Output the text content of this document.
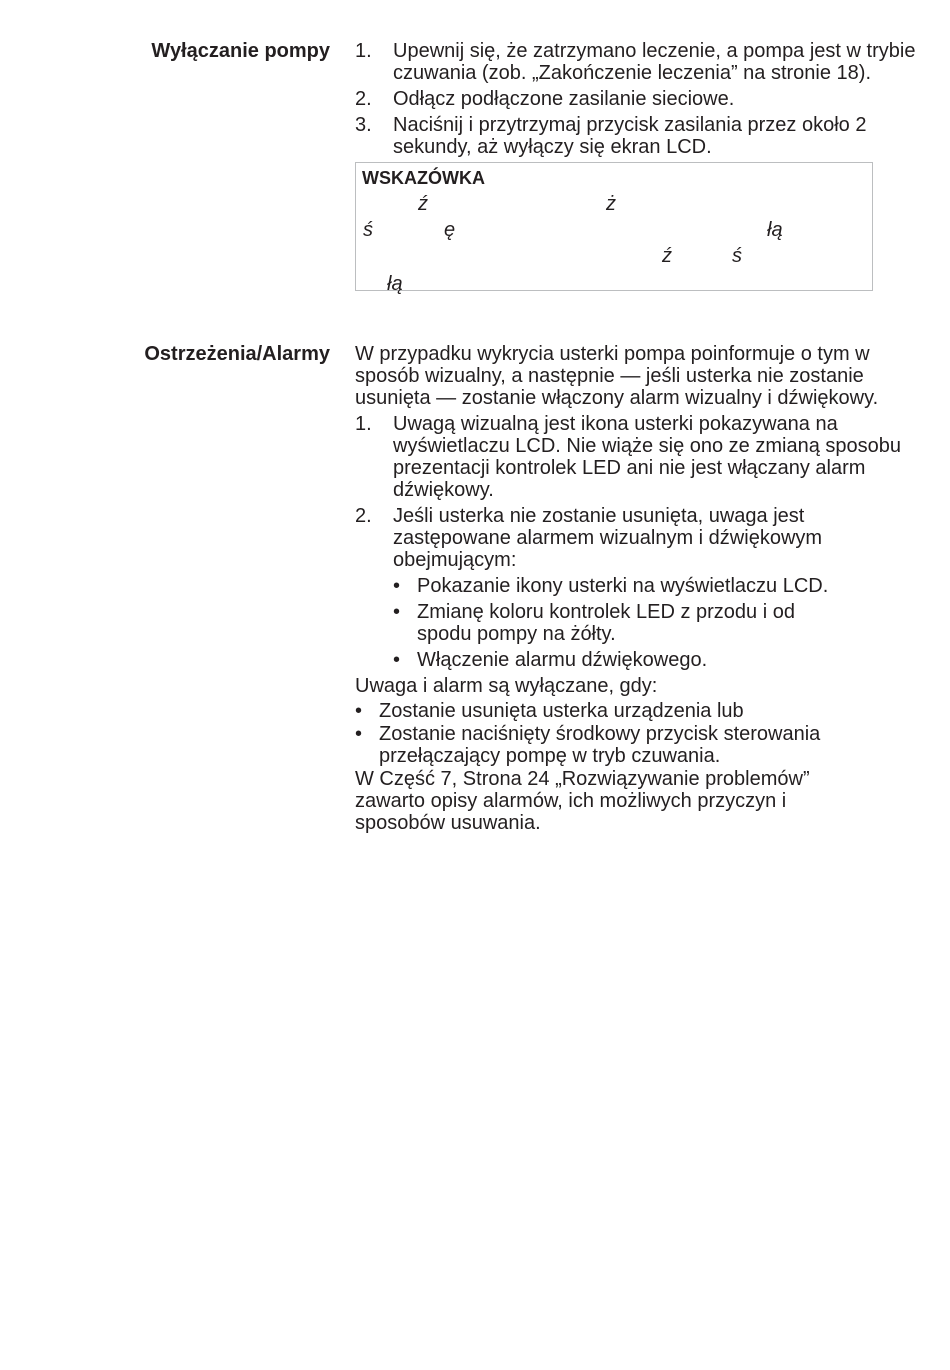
Wyłączanie pompy 1. Upewnij się, że zatrzymano leczenie, a pompa jest w trybie czuwania (zob. „Zakończenie leczenia” na stronie 18).
2. Odłącz podłączone zasilanie sieciowe.
3. Naciśnij i przytrzymaj przycisk zasilania przez około 2 sekundy, aż wyłączy się ekran LCD.
WSKAZÓWKA
ź	ż
ś	ę	łą
ź	ś
łą
Ostrzeżenia/Alarmy W przypadku wykrycia usterki pompa poinformuje o tym w sposób wizualny, a następnie — jeśli usterka nie zostanie usunięta — zostanie włączony alarm wizualny i dźwiękowy.

1. Uwagą wizualną jest ikona usterki pokazywana na wyświetlaczu LCD. Nie wiąże się ono ze zmianą sposobu prezentacji kontrolek LED ani nie jest włączany alarm dźwiękowy.
2. Jeśli usterka nie zostanie usunięta, uwaga jest zastępowane alarmem wizualnym i dźwiękowym obejmującym:
• Pokazanie ikony usterki na wyświetlaczu LCD.
• Zmianę koloru kontrolek LED z przodu i od spodu pompy na żółty.
• Włączenie alarmu dźwiękowego.

Uwaga i alarm są wyłączane, gdy:

• Zostanie usunięta usterka urządzenia lub
• Zostanie naciśnięty środkowy przycisk sterowania przełączający pompę w tryb czuwania.

W Część 7, Strona 24 „Rozwiązywanie problemów” zawarto opisy alarmów, ich możliwych przyczyn i sposobów usuwania.
